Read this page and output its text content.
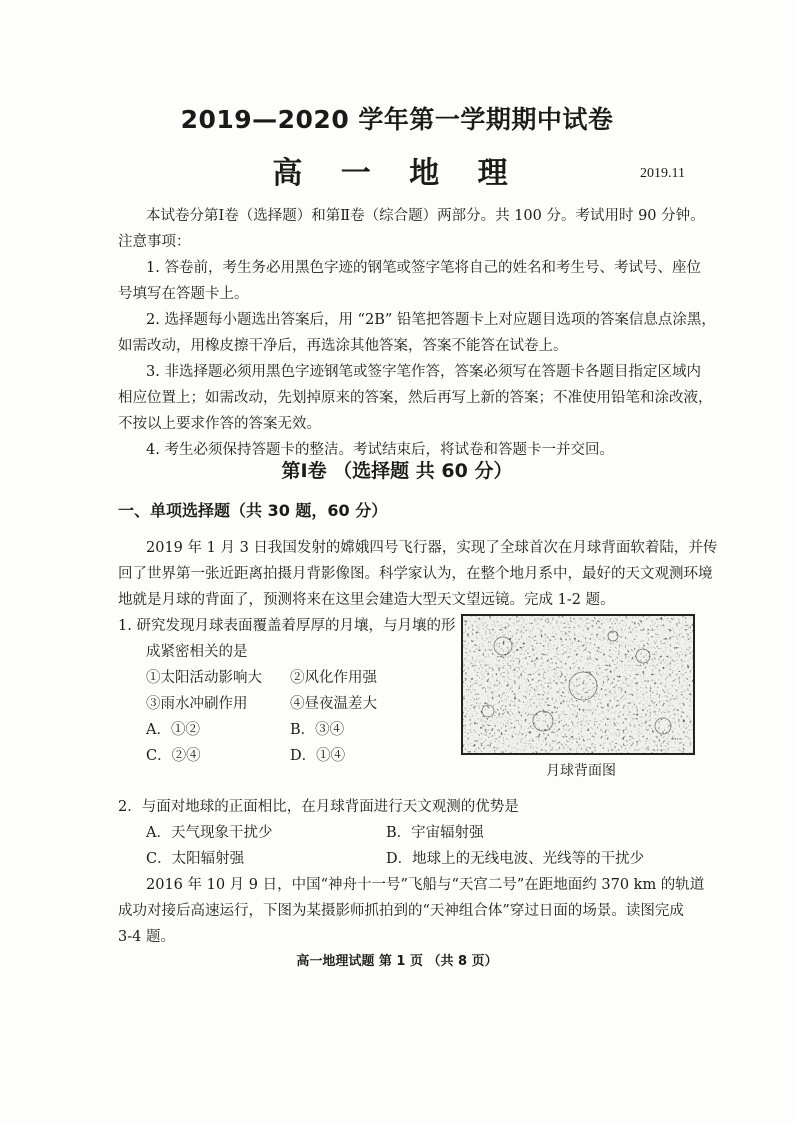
2019—2020 学年第一学期期中试卷
高 一 地 理	2019.11
本试卷分第Ⅰ卷（选择题）和第Ⅱ卷（综合题）两部分。共 100 分。考试用时 90 分钟。
注意事项：
1. 答卷前，考生务必用黑色字迹的钢笔或签字笔将自己的姓名和考生号、考试号、座位
号填写在答题卡上。
2. 选择题每小题选出答案后，用 “2B” 铅笔把答题卡上对应题目选项的答案信息点涂黑，
如需改动，用橡皮擦干净后，再选涂其他答案，答案不能答在试卷上。
3. 非选择题必须用黑色字迹钢笔或签字笔作答，答案必须写在答题卡各题目指定区域内
相应位置上；如需改动，先划掉原来的答案，然后再写上新的答案；不准使用铅笔和涂改液，
不按以上要求作答的答案无效。
4. 考生必须保持答题卡的整洁。考试结束后，将试卷和答题卡一并交回。
第Ⅰ卷 （选择题 共 60 分）
一、单项选择题（共 30 题，60 分）
2019 年 1 月 3 日我国发射的嫦娥四号飞行器，实现了全球首次在月球背面软着陆，并传
回了世界第一张近距离拍摄月背影像图。科学家认为，在整个地月系中，最好的天文观测环境
地就是月球的背面了，预测将来在这里会建造大型天文望远镜。完成 1-2 题。
1. 研究发现月球表面覆盖着厚厚的月壤，与月壤的形
成紧密相关的是
①太阳活动影响大 ②风化作用强
③雨水冲刷作用	④昼夜温差大
A．①②	B．③④
C．②④	D．①④
月球背面图
2．与面对地球的正面相比，在月球背面进行天文观测的优势是
A．天气现象干扰少	B．宇宙辐射强
C．太阳辐射强	D．地球上的无线电波、光线等的干扰少
2016 年 10 月 9 日，中国“神舟十一号”飞船与“天宫二号”在距地面约 370 km 的轨道
成功对接后高速运行，下图为某摄影师抓拍到的“天神组合体”穿过日面的场景。读图完成
3-4 题。
高一地理试题 第 1 页 （共 8 页）
